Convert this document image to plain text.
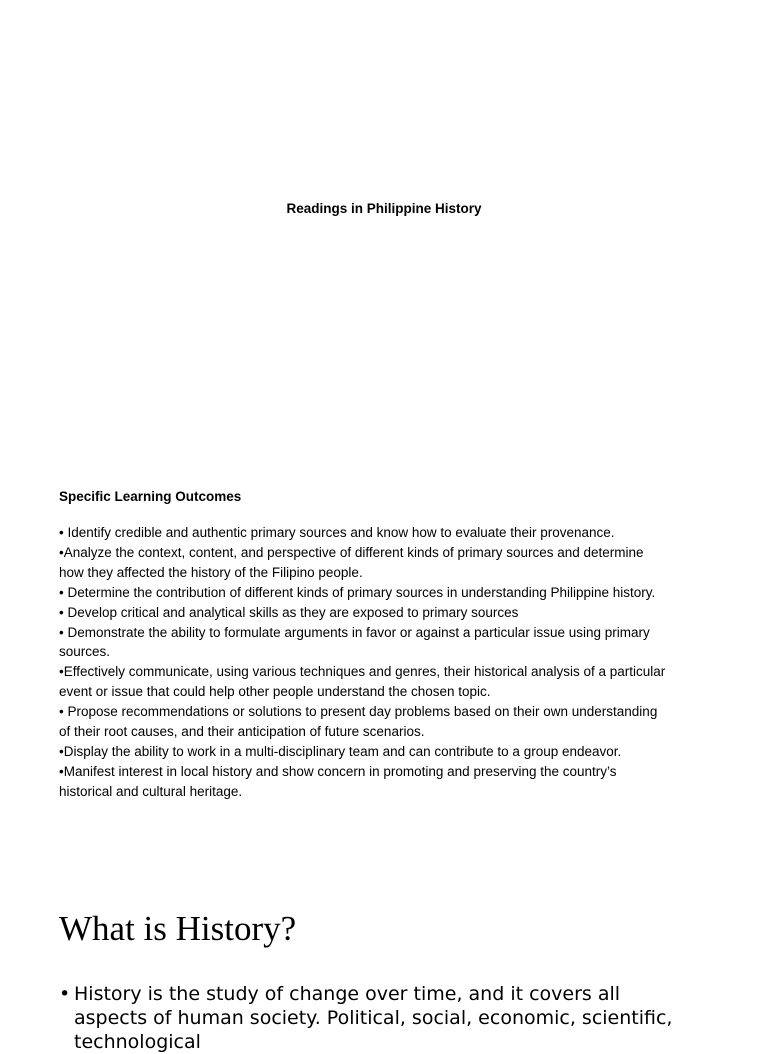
Readings in Philippine History
Specific Learning Outcomes
• Identify credible and authentic primary sources and know how to evaluate their provenance.
•Analyze the context, content, and perspective of different kinds of primary sources and determine
how they affected the history of the Filipino people.
• Determine the contribution of different kinds of primary sources in understanding Philippine history.
• Develop critical and analytical skills as they are exposed to primary sources
• Demonstrate the ability to formulate arguments in favor or against a particular issue using primary
sources.
•Effectively communicate, using various techniques and genres, their historical analysis of a particular
event or issue that could help other people understand the chosen topic.
• Propose recommendations or solutions to present day problems based on their own understanding
of their root causes, and their anticipation of future scenarios.
•Display the ability to work in a multi-disciplinary team and can contribute to a group endeavor.
•Manifest interest in local history and show concern in promoting and preserving the country’s
historical and cultural heritage.
What is History?
• History is the study of change over time, and it covers all aspects of human society. Political, social, economic, scientific, technological
